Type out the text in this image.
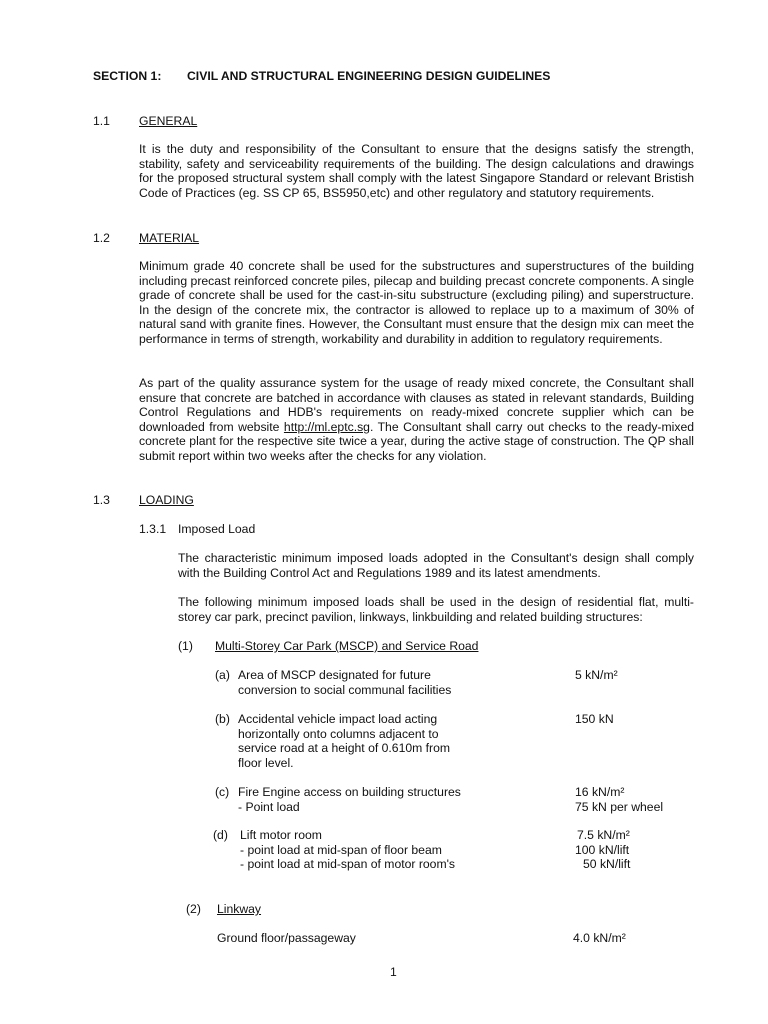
SECTION 1: CIVIL AND STRUCTURAL ENGINEERING DESIGN GUIDELINES
1.1 GENERAL

It is the duty and responsibility of the Consultant to ensure that the designs satisfy the strength, stability, safety and serviceability requirements of the building. The design calculations and drawings for the proposed structural system shall comply with the latest Singapore Standard or relevant Bristish Code of Practices (eg. SS CP 65, BS5950,etc) and other regulatory and statutory requirements.

1.2 MATERIAL

Minimum grade 40 concrete shall be used for the substructures and superstructures of the building including precast reinforced concrete piles, pilecap and building precast concrete components. A single grade of concrete shall be used for the cast-in-situ substructure (excluding piling) and superstructure. In the design of the concrete mix, the contractor is allowed to replace up to a maximum of 30% of natural sand with granite fines. However, the Consultant must ensure that the design mix can meet the performance in terms of strength, workability and durability in addition to regulatory requirements.

As part of the quality assurance system for the usage of ready mixed concrete, the Consultant shall ensure that concrete are batched in accordance with clauses as stated in relevant standards, Building Control Regulations and HDB's requirements on ready-mixed concrete supplier which can be downloaded from website http://ml.eptc.sg. The Consultant shall carry out checks to the ready-mixed concrete plant for the respective site twice a year, during the active stage of construction. The QP shall submit report within two weeks after the checks for any violation.

1.3 LOADING
1.3.1 Imposed Load

The characteristic minimum imposed loads adopted in the Consultant's design shall comply with the Building Control Act and Regulations 1989 and its latest amendments.

The following minimum imposed loads shall be used in the design of residential flat, multi-storey car park, precinct pavilion, linkways, linkbuilding and related building structures:

(1) Multi-Storey Car Park (MSCP) and Service Road
(a) Area of MSCP designated for future
conversion to social communal facilities
5 kN/m²
(b) Accidental vehicle impact load acting
horizontally onto columns adjacent to
service road at a height of 0.610m from
floor level.
150 kN
(c) Fire Engine access on building structures
- Point load
16 kN/m²
75 kN per wheel
(d) Lift motor room
- point load at mid-span of floor beam
- point load at mid-span of motor room's
7.5 kN/m²
100 kN/lift
50 kN/lift
(2) Linkway
Ground floor/passageway	4.0 kN/m²
1
